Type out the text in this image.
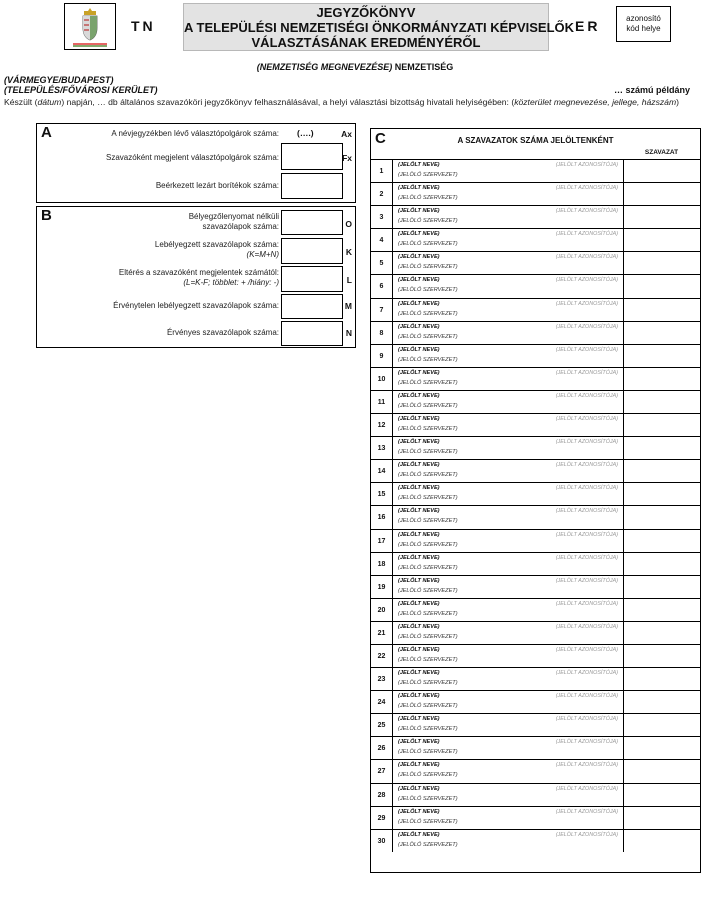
TN
JEGYZŐKÖNYV
A TELEPÜLÉSI NEMZETISÉGI ÖNKORMÁNYZATI KÉPVISELŐK
VÁLASZTÁSÁNAK EREDMÉNYÉRŐL
ER	azonosító
kód helye
(NEMZETISÉG MEGNEVEZÉSE) NEMZETISÉG
(VÁRMEGYE/BUDAPEST)
(TELEPÜLÉS/FŐVÁROSI KERÜLET)	… számú példány
Készült (dátum) napján, … db általános szavazóköri jegyzőkönyv felhasználásával, a helyi választási bizottság hivatali helyiségében: (közterület megnevezése, jellege, házszám)
A	A névjegyzékben lévő választópolgárok száma: (….)	Ax
Szavazóként megjelent választópolgárok száma:	Fx
Beérkezett lezárt borítékok száma:
B	Bélyegzőlenyomat nélküli
szavazólapok száma:	O
Lebélyegzett szavazólapok száma:
(K=M+N)	K
Eltérés a szavazóként megjelentek számától:
(L=K-F; többlet: + /hiány: -)	L
Érvénytelen lebélyegzett szavazólapok száma:	M
Érvényes szavazólapok száma:	N
C	A SZAVAZATOK SZÁMA JELÖLTENKÉNT
SZAVAZAT
1
(JELÖLT NEVE)
(JELÖLŐ SZERVEZET)
(JELÖLT AZONOSÍTÓJA)
2
(JELÖLT NEVE)
(JELÖLŐ SZERVEZET)
(JELÖLT AZONOSÍTÓJA)
3
(JELÖLT NEVE)
(JELÖLŐ SZERVEZET)
(JELÖLT AZONOSÍTÓJA)
4
(JELÖLT NEVE)
(JELÖLŐ SZERVEZET)
(JELÖLT AZONOSÍTÓJA)
5
(JELÖLT NEVE)
(JELÖLŐ SZERVEZET)
(JELÖLT AZONOSÍTÓJA)
6
(JELÖLT NEVE)
(JELÖLŐ SZERVEZET)
(JELÖLT AZONOSÍTÓJA)
7
(JELÖLT NEVE)
(JELÖLŐ SZERVEZET)
(JELÖLT AZONOSÍTÓJA)
8
(JELÖLT NEVE)
(JELÖLŐ SZERVEZET)
(JELÖLT AZONOSÍTÓJA)
9
(JELÖLT NEVE)
(JELÖLŐ SZERVEZET)
(JELÖLT AZONOSÍTÓJA)
10
(JELÖLT NEVE)
(JELÖLŐ SZERVEZET)
(JELÖLT AZONOSÍTÓJA)
11
(JELÖLT NEVE)
(JELÖLŐ SZERVEZET)
(JELÖLT AZONOSÍTÓJA)
12
(JELÖLT NEVE)
(JELÖLŐ SZERVEZET)
(JELÖLT AZONOSÍTÓJA)
13
(JELÖLT NEVE)
(JELÖLŐ SZERVEZET)
(JELÖLT AZONOSÍTÓJA)
14
(JELÖLT NEVE)
(JELÖLŐ SZERVEZET)
(JELÖLT AZONOSÍTÓJA)
15
(JELÖLT NEVE)
(JELÖLŐ SZERVEZET)
(JELÖLT AZONOSÍTÓJA)
16
(JELÖLT NEVE)
(JELÖLŐ SZERVEZET)
(JELÖLT AZONOSÍTÓJA)
17
(JELÖLT NEVE)
(JELÖLŐ SZERVEZET)
(JELÖLT AZONOSÍTÓJA)
18
(JELÖLT NEVE)
(JELÖLŐ SZERVEZET)
(JELÖLT AZONOSÍTÓJA)
19
(JELÖLT NEVE)
(JELÖLŐ SZERVEZET)
(JELÖLT AZONOSÍTÓJA)
20
(JELÖLT NEVE)
(JELÖLŐ SZERVEZET)
(JELÖLT AZONOSÍTÓJA)
21
(JELÖLT NEVE)
(JELÖLŐ SZERVEZET)
(JELÖLT AZONOSÍTÓJA)
22
(JELÖLT NEVE)
(JELÖLŐ SZERVEZET)
(JELÖLT AZONOSÍTÓJA)
23
(JELÖLT NEVE)
(JELÖLŐ SZERVEZET)
(JELÖLT AZONOSÍTÓJA)
24
(JELÖLT NEVE)
(JELÖLŐ SZERVEZET)
(JELÖLT AZONOSÍTÓJA)
25
(JELÖLT NEVE)
(JELÖLŐ SZERVEZET)
(JELÖLT AZONOSÍTÓJA)
26
(JELÖLT NEVE)
(JELÖLŐ SZERVEZET)
(JELÖLT AZONOSÍTÓJA)
27
(JELÖLT NEVE)
(JELÖLŐ SZERVEZET)
(JELÖLT AZONOSÍTÓJA)
28
(JELÖLT NEVE)
(JELÖLŐ SZERVEZET)
(JELÖLT AZONOSÍTÓJA)
29
(JELÖLT NEVE)
(JELÖLŐ SZERVEZET)
(JELÖLT AZONOSÍTÓJA)
30
(JELÖLT NEVE)
(JELÖLŐ SZERVEZET)
(JELÖLT AZONOSÍTÓJA)
